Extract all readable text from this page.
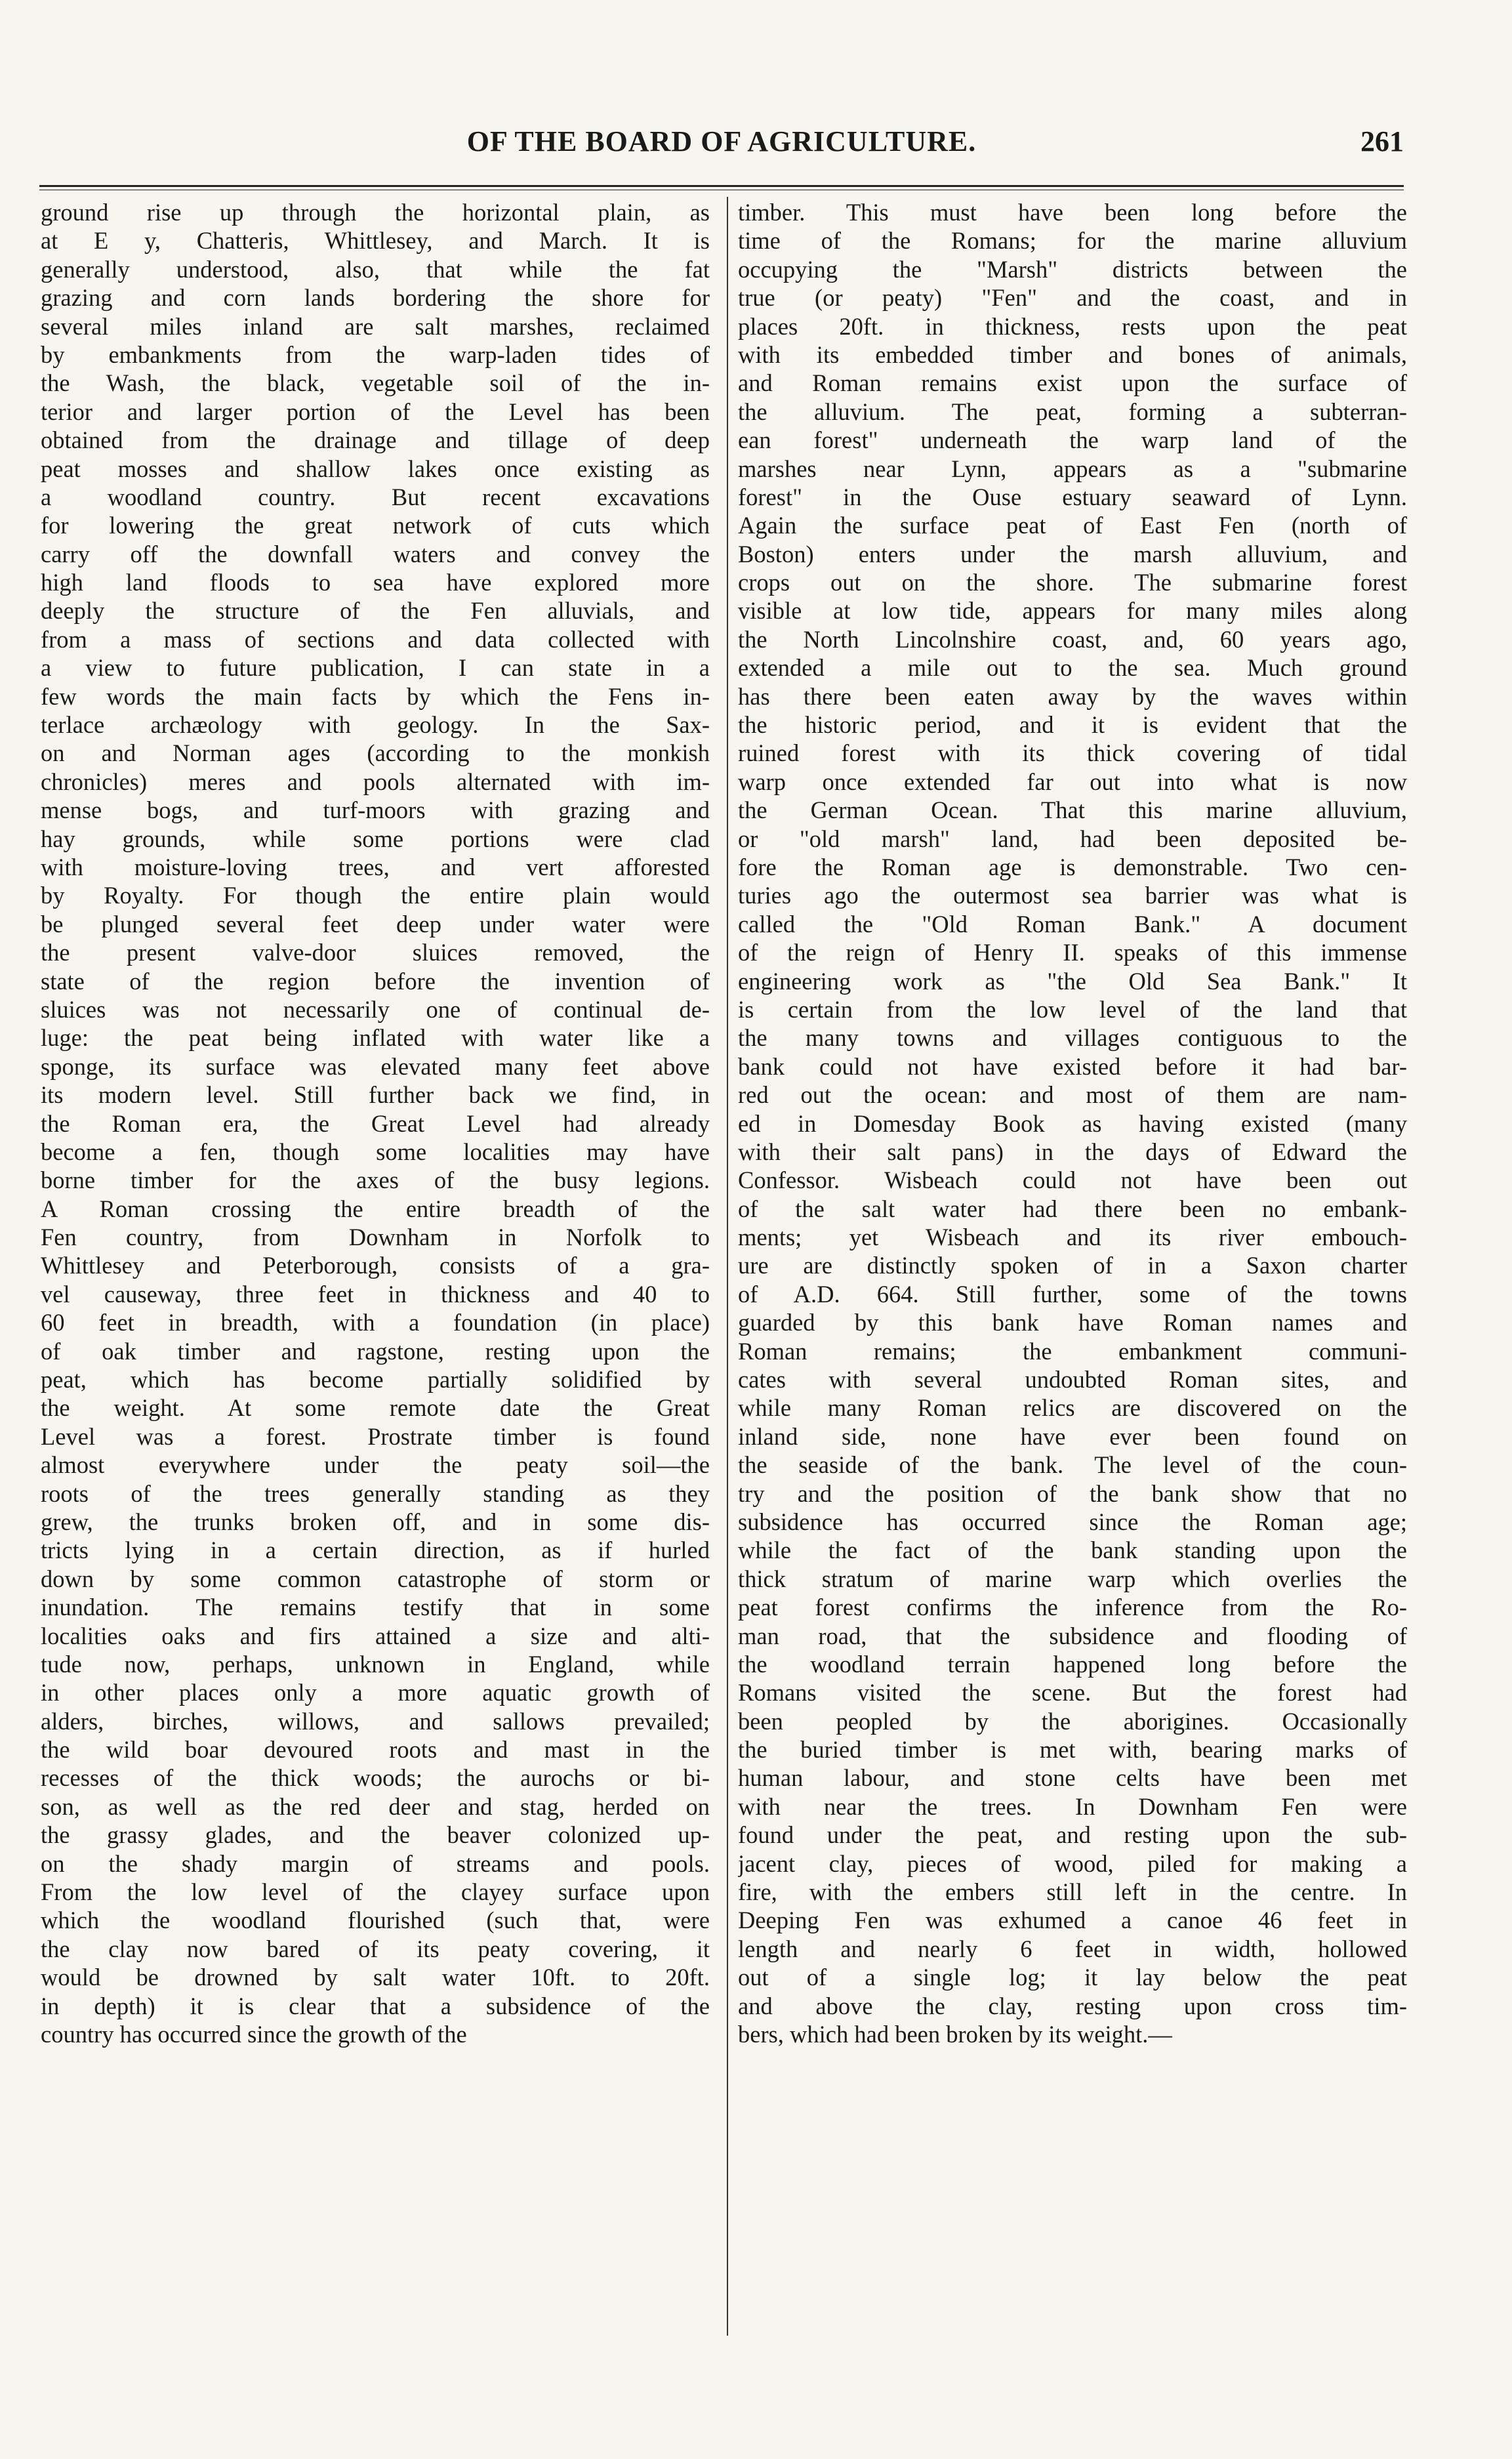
OF THE BOARD OF AGRICULTURE.	261
ground rise up through the horizontal plain, as
at E y, Chatteris, Whittlesey, and March. It is
generally understood, also, that while the fat
grazing and corn lands bordering the shore for
several miles inland are salt marshes, reclaimed
by embankments from the warp-laden tides of
the Wash, the black, vegetable soil of the in-
terior and larger portion of the Level has been
obtained from the drainage and tillage of deep
peat mosses and shallow lakes once existing as
a woodland country. But recent excavations
for lowering the great network of cuts which
carry off the downfall waters and convey the
high land floods to sea have explored more
deeply the structure of the Fen alluvials, and
from a mass of sections and data collected with
a view to future publication, I can state in a
few words the main facts by which the Fens in-
terlace archæology with geology. In the Sax-
on and Norman ages (according to the monkish
chronicles) meres and pools alternated with im-
mense bogs, and turf-moors with grazing and
hay grounds, while some portions were clad
with moisture-loving trees, and vert afforested
by Royalty. For though the entire plain would
be plunged several feet deep under water were
the present valve-door sluices removed, the
state of the region before the invention of
sluices was not necessarily one of continual de-
luge: the peat being inflated with water like a
sponge, its surface was elevated many feet above
its modern level. Still further back we find, in
the Roman era, the Great Level had already
become a fen, though some localities may have
borne timber for the axes of the busy legions.
A Roman crossing the entire breadth of the
Fen country, from Downham in Norfolk to
Whittlesey and Peterborough, consists of a gra-
vel causeway, three feet in thickness and 40 to
60 feet in breadth, with a foundation (in place)
of oak timber and ragstone, resting upon the
peat, which has become partially solidified by
the weight. At some remote date the Great
Level was a forest. Prostrate timber is found
almost everywhere under the peaty soil—the
roots of the trees generally standing as they
grew, the trunks broken off, and in some dis-
tricts lying in a certain direction, as if hurled
down by some common catastrophe of storm or
inundation. The remains testify that in some
localities oaks and firs attained a size and alti-
tude now, perhaps, unknown in England, while
in other places only a more aquatic growth of
alders, birches, willows, and sallows prevailed;
the wild boar devoured roots and mast in the
recesses of the thick woods; the aurochs or bi-
son, as well as the red deer and stag, herded on
the grassy glades, and the beaver colonized up-
on the shady margin of streams and pools.
From the low level of the clayey surface upon
which the woodland flourished (such that, were
the clay now bared of its peaty covering, it
would be drowned by salt water 10ft. to 20ft.
in depth) it is clear that a subsidence of the
country has occurred since the growth of the
timber. This must have been long before the
time of the Romans; for the marine alluvium
occupying the "Marsh" districts between the
true (or peaty) "Fen" and the coast, and in
places 20ft. in thickness, rests upon the peat
with its embedded timber and bones of animals,
and Roman remains exist upon the surface of
the alluvium. The peat, forming a subterran-
ean forest" underneath the warp land of the
marshes near Lynn, appears as a "submarine
forest" in the Ouse estuary seaward of Lynn.
Again the surface peat of East Fen (north of
Boston) enters under the marsh alluvium, and
crops out on the shore. The submarine forest
visible at low tide, appears for many miles along
the North Lincolnshire coast, and, 60 years ago,
extended a mile out to the sea. Much ground
has there been eaten away by the waves within
the historic period, and it is evident that the
ruined forest with its thick covering of tidal
warp once extended far out into what is now
the German Ocean. That this marine alluvium,
or "old marsh" land, had been deposited be-
fore the Roman age is demonstrable. Two cen-
turies ago the outermost sea barrier was what is
called the "Old Roman Bank." A document
of the reign of Henry II. speaks of this immense
engineering work as "the Old Sea Bank." It
is certain from the low level of the land that
the many towns and villages contiguous to the
bank could not have existed before it had bar-
red out the ocean: and most of them are nam-
ed in Domesday Book as having existed (many
with their salt pans) in the days of Edward the
Confessor. Wisbeach could not have been out
of the salt water had there been no embank-
ments; yet Wisbeach and its river embouch-
ure are distinctly spoken of in a Saxon charter
of A.D. 664. Still further, some of the towns
guarded by this bank have Roman names and
Roman remains; the embankment communi-
cates with several undoubted Roman sites, and
while many Roman relics are discovered on the
inland side, none have ever been found on
the seaside of the bank. The level of the coun-
try and the position of the bank show that no
subsidence has occurred since the Roman age;
while the fact of the bank standing upon the
thick stratum of marine warp which overlies the
peat forest confirms the inference from the Ro-
man road, that the subsidence and flooding of
the woodland terrain happened long before the
Romans visited the scene. But the forest had
been peopled by the aborigines. Occasionally
the buried timber is met with, bearing marks of
human labour, and stone celts have been met
with near the trees. In Downham Fen were
found under the peat, and resting upon the sub-
jacent clay, pieces of wood, piled for making a
fire, with the embers still left in the centre. In
Deeping Fen was exhumed a canoe 46 feet in
length and nearly 6 feet in width, hollowed
out of a single log; it lay below the peat
and above the clay, resting upon cross tim-
bers, which had been broken by its weight.—
